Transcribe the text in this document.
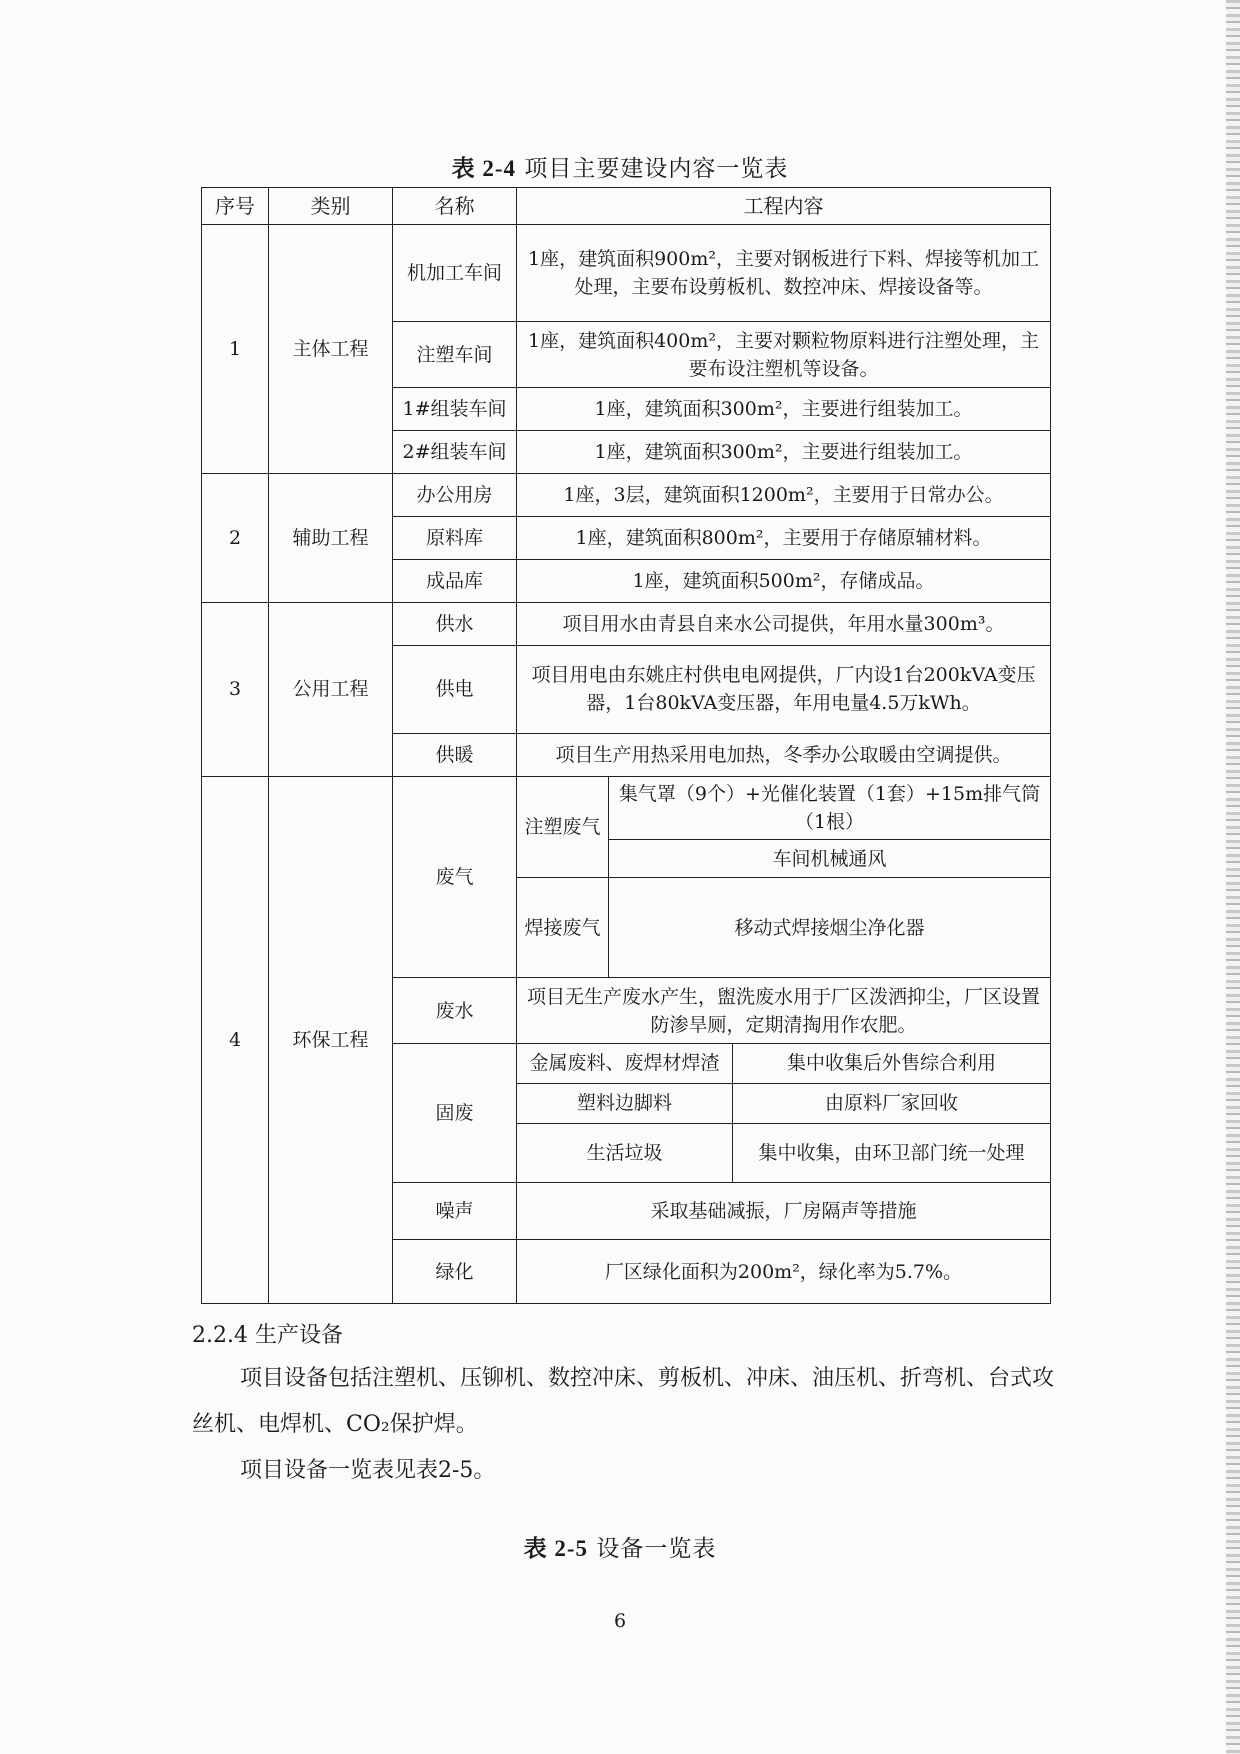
表 2-4 项目主要建设内容一览表
序号	类别	名称	工程内容		
1	主体工程	机加工车间	1座，建筑面积900m²，主要对钢板进行下料、焊接等机加工处理，主要布设剪板机、数控冲床、焊接设备等。		
		注塑车间	1座，建筑面积400m²，主要对颗粒物原料进行注塑处理，主要布设注塑机等设备。		
		1#组装车间	1座，建筑面积300m²，主要进行组装加工。		
		2#组装车间	1座，建筑面积300m²，主要进行组装加工。		
2	辅助工程	办公用房	1座，3层，建筑面积1200m²，主要用于日常办公。		
		原料库	1座，建筑面积800m²，主要用于存储原辅材料。		
		成品库	1座，建筑面积500m²，存储成品。		
3	公用工程	供水	项目用水由青县自来水公司提供，年用水量300m³。		
		供电	项目用电由东姚庄村供电电网提供，厂内设1台200kVA变压器，1台80kVA变压器，年用电量4.5万kWh。		
		供暖	项目生产用热采用电加热，冬季办公取暖由空调提供。		
4	环保工程	废气	注塑废气	集气罩（9个）+光催化装置（1套）+15m排气筒（1根）	
				车间机械通风	
			焊接废气	移动式焊接烟尘净化器	
		废水	项目无生产废水产生，盥洗废水用于厂区泼洒抑尘，厂区设置防渗旱厕，定期清掏用作农肥。		
		固废	金属废料、废焊材焊渣		集中收集后外售综合利用
			塑料边脚料		由原料厂家回收
			生活垃圾		集中收集，由环卫部门统一处理
		噪声	采取基础减振，厂房隔声等措施		
		绿化	厂区绿化面积为200m²，绿化率为5.7%。		
2.2.4 生产设备
项目设备包括注塑机、压铆机、数控冲床、剪板机、冲床、油压机、折弯机、台式攻丝机、电焊机、CO₂保护焊。
项目设备一览表见表2-5。
表 2-5 设备一览表
6
